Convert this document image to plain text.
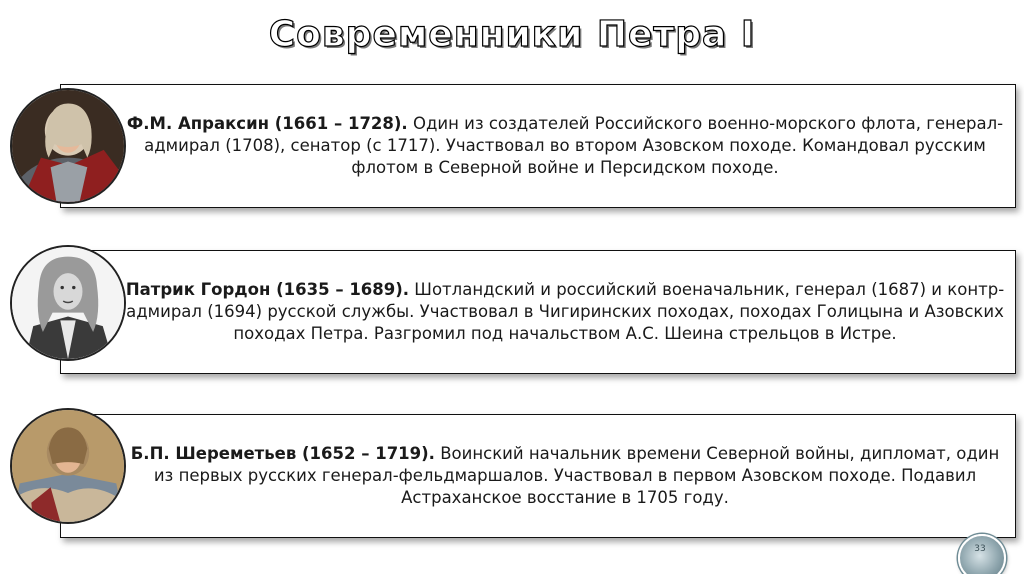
Современники Петра I
Ф.М. Апраксин (1661 – 1728). Один из создателей Российского военно-морского флота, генерал-адмирал (1708), сенатор (с 1717). Участвовал во втором Азовском походе. Командовал русским флотом в Северной войне и Персидском походе.
Патрик Гордон (1635 – 1689). Шотландский и российский военачальник, генерал (1687) и контр-адмирал (1694) русской службы. Участвовал в Чигиринских походах, походах Голицына и Азовских походах Петра. Разгромил под начальством А.С. Шеина стрельцов в Истре.
Б.П. Шереметьев (1652 – 1719). Воинский начальник времени Северной войны, дипломат, один из первых русских генерал-фельдмаршалов. Участвовал в первом Азовском походе. Подавил Астраханское восстание в 1705 году.
33
